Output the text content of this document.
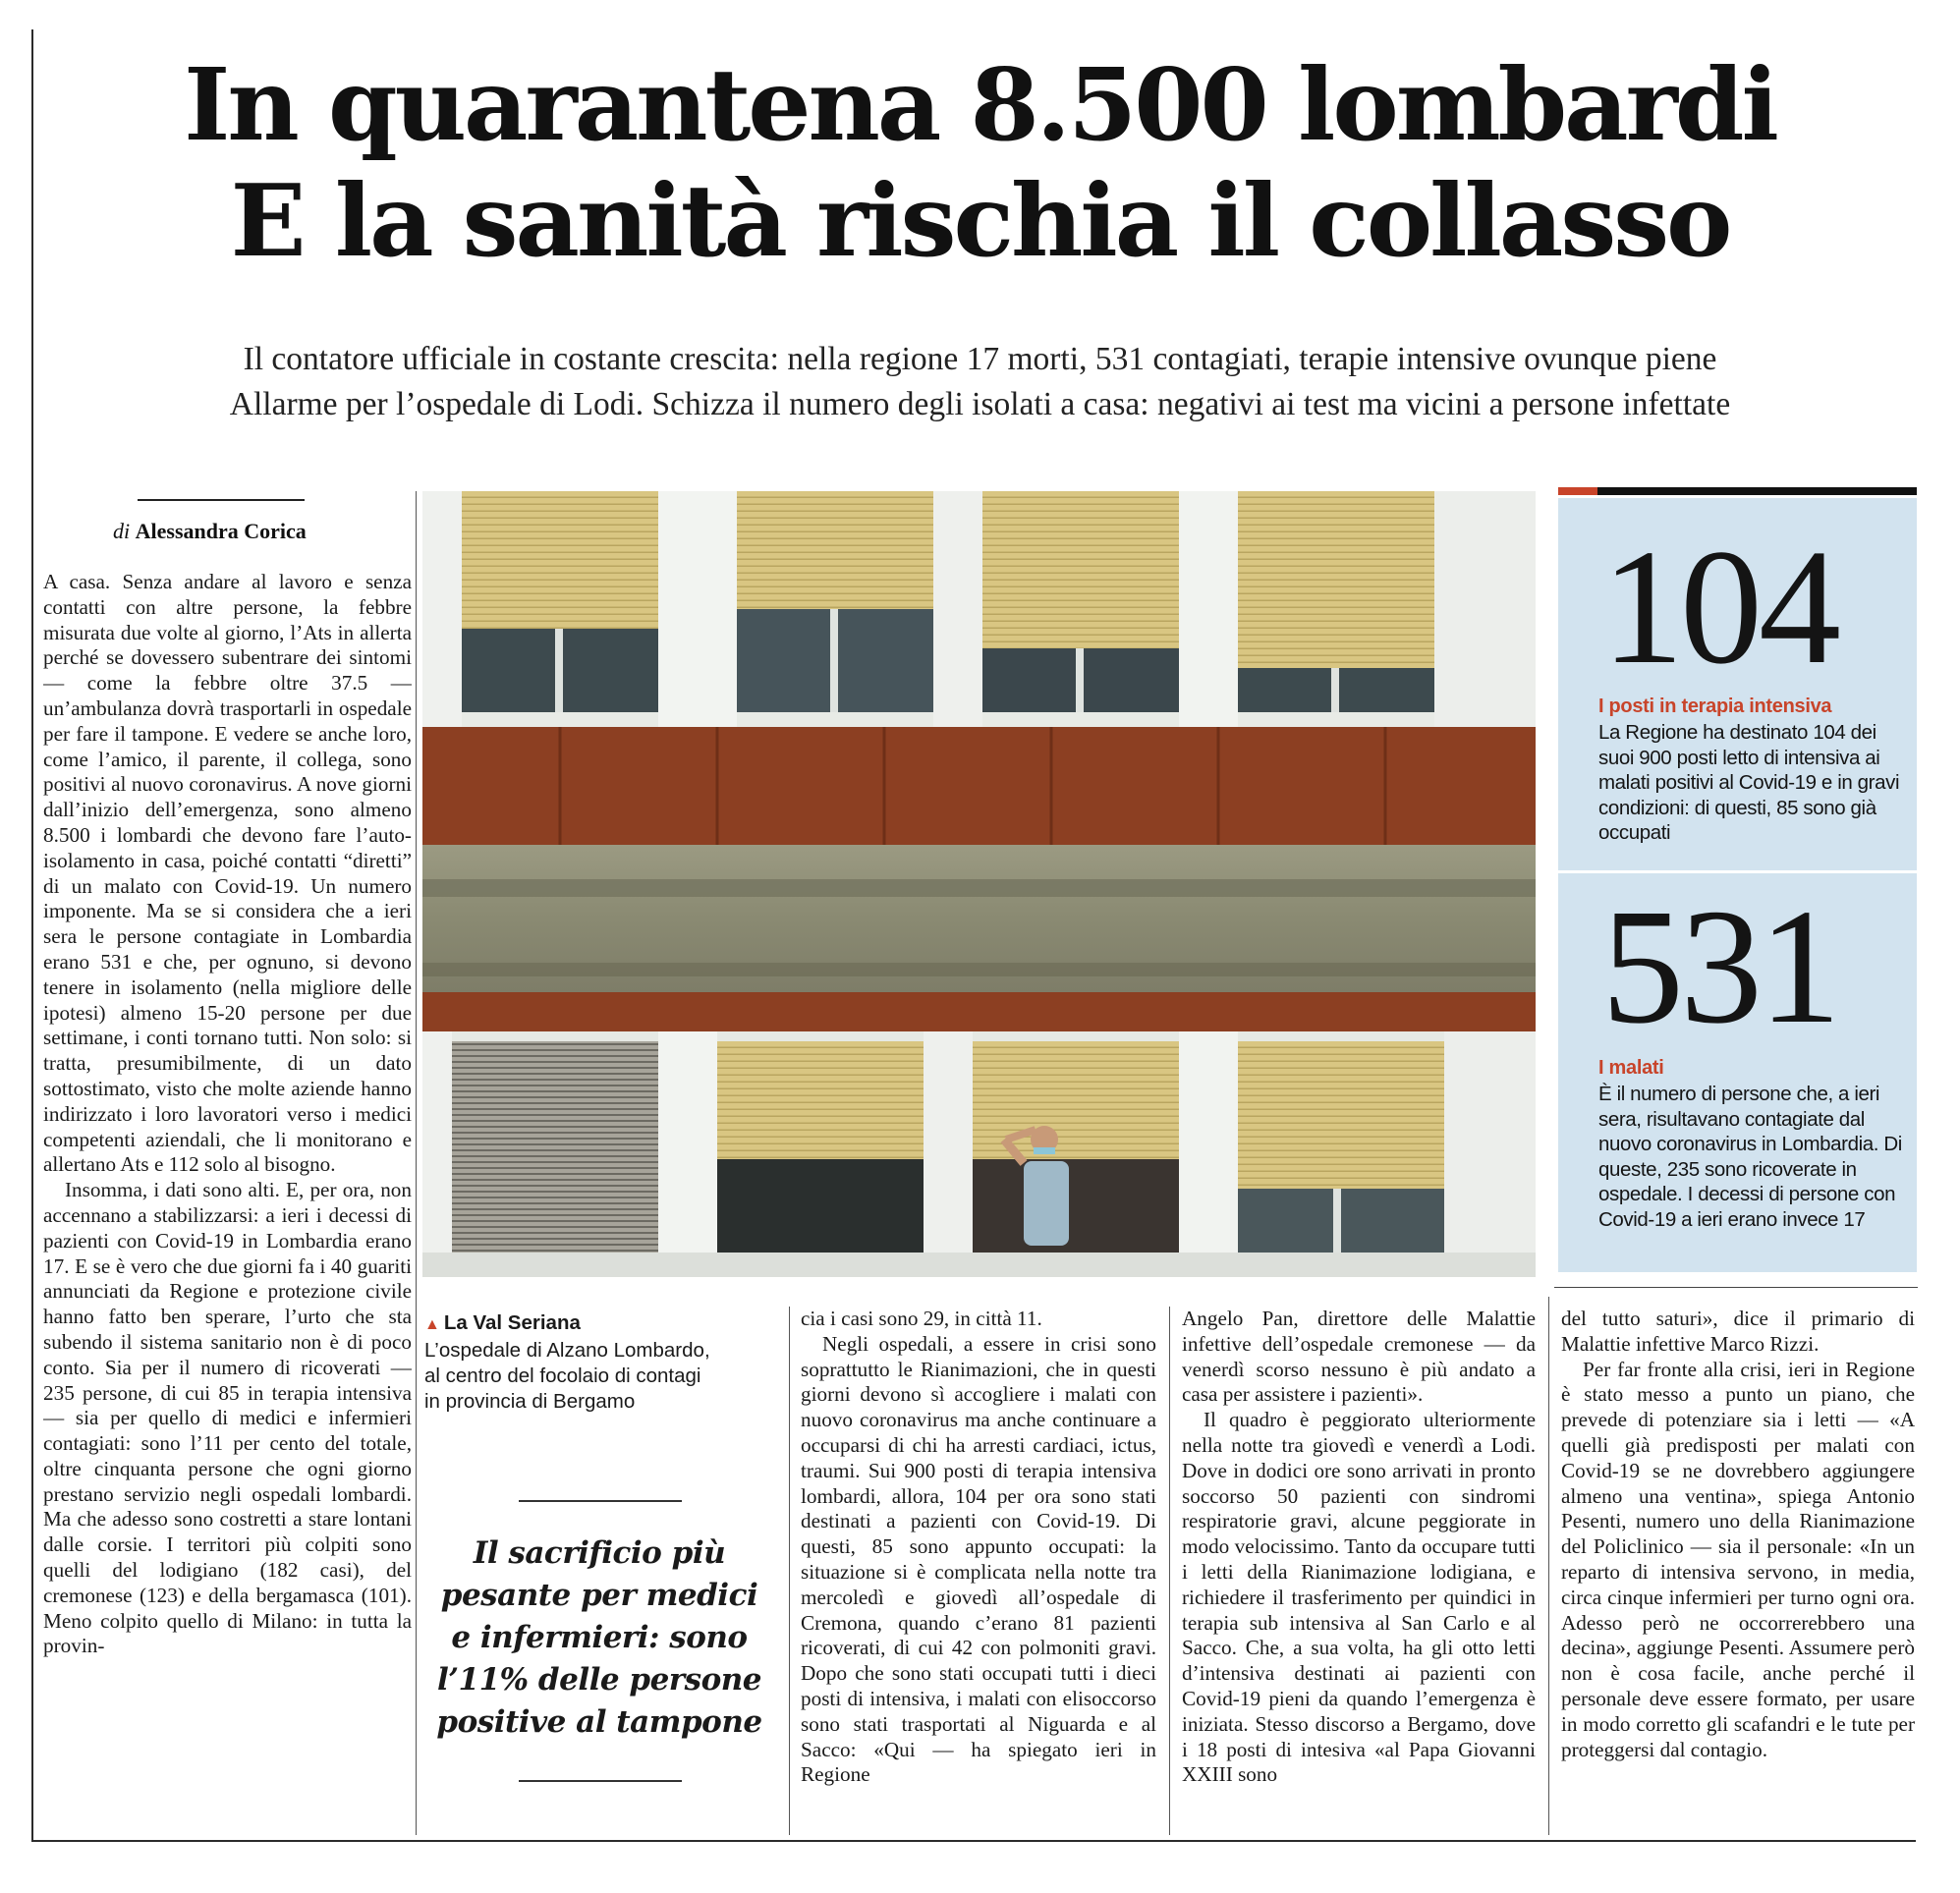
In quarantena 8.500 lombardi
E la sanità rischia il collasso
Il contatore ufficiale in costante crescita: nella regione 17 morti, 531 contagiati, terapie intensive ovunque piene
Allarme per l’ospedale di Lodi. Schizza il numero degli isolati a casa: negativi ai test ma vicini a persone infettate
di Alessandra Corica

A casa. Senza andare al lavoro e senza contatti con altre persone, la febbre misurata due volte al giorno, l’Ats in allerta perché se dovessero subentrare dei sintomi — come la febbre oltre 37.5 — un’ambulanza dovrà trasportarli in ospedale per fare il tampone. E vedere se anche loro, come l’amico, il parente, il collega, sono positivi al nuovo coronavirus. A nove giorni dall’inizio dell’emergenza, sono almeno 8.500 i lombardi che devono fare l’auto-isolamento in casa, poiché contatti “diretti” di un malato con Covid-19. Un numero imponente. Ma se si considera che a ieri sera le persone contagiate in Lombardia erano 531 e che, per ognuno, si devono tenere in isolamento (nella migliore delle ipotesi) almeno 15-20 persone per due settimane, i conti tornano tutti. Non solo: si tratta, presumibilmente, di un dato sottostimato, visto che molte aziende hanno indirizzato i loro lavoratori verso i medici competenti aziendali, che li monitorano e allertano Ats e 112 solo al bisogno.

Insomma, i dati sono alti. E, per ora, non accennano a stabilizzarsi: a ieri i decessi di pazienti con Covid-19 in Lombardia erano 17. E se è vero che due giorni fa i 40 guariti annunciati da Regione e protezione civile hanno fatto ben sperare, l’urto che sta subendo il sistema sanitario non è di poco conto. Sia per il numero di ricoverati — 235 persone, di cui 85 in terapia intensiva — sia per quello di medici e infermieri contagiati: sono l’11 per cento del totale, oltre cinquanta persone che ogni giorno prestano servizio negli ospedali lombardi. Ma che adesso sono costretti a stare lontani dalle corsie. I territori più colpiti sono quelli del lodigiano (182 casi), del cremonese (123) e della bergamasca (101). Meno colpito quello di Milano: in tutta la provin-

▲ La Val Seriana
L’ospedale di Alzano Lombardo, al centro del focolaio di contagi in provincia di Bergamo
Il sacrificio più pesante per medici e infermieri: sono l’11% delle persone positive al tampone

cia i casi sono 29, in città 11.

Negli ospedali, a essere in crisi sono soprattutto le Rianimazioni, che in questi giorni devono sì accogliere i malati con nuovo coronavirus ma anche continuare a occuparsi di chi ha arresti cardiaci, ictus, traumi. Sui 900 posti di terapia intensiva lombardi, allora, 104 per ora sono stati destinati a pazienti con Covid-19. Di questi, 85 sono appunto occupati: la situazione si è complicata nella notte tra mercoledì e giovedì all’ospedale di Cremona, quando c’erano 81 pazienti ricoverati, di cui 42 con polmoniti gravi. Dopo che sono stati occupati tutti i dieci posti di intensiva, i malati con elisoccorso sono stati trasportati al Niguarda e al Sacco: «Qui — ha spiegato ieri in Regione

Angelo Pan, direttore delle Malattie infettive dell’ospedale cremonese — da venerdì scorso nessuno è più andato a casa per assistere i pazienti».

Il quadro è peggiorato ulteriormente nella notte tra giovedì e venerdì a Lodi. Dove in dodici ore sono arrivati in pronto soccorso 50 pazienti con sindromi respiratorie gravi, alcune peggiorate in modo velocissimo. Tanto da occupare tutti i letti della Rianimazione lodigiana, e richiedere il trasferimento per quindici in terapia sub intensiva al San Carlo e al Sacco. Che, a sua volta, ha gli otto letti d’intensiva destinati ai pazienti con Covid-19 pieni da quando l’emergenza è iniziata. Stesso discorso a Bergamo, dove i 18 posti di intesiva «al Papa Giovanni XXIII sono

del tutto saturi», dice il primario di Malattie infettive Marco Rizzi.

Per far fronte alla crisi, ieri in Regione è stato messo a punto un piano, che prevede di potenziare sia i letti — «A quelli già predisposti per malati con Covid-19 se ne dovrebbero aggiungere almeno una ventina», spiega Antonio Pesenti, numero uno della Rianimazione del Policlinico — sia il personale: «In un reparto di intensiva servono, in media, circa cinque infermieri per turno ogni ora. Adesso però ne occorrerebbero una decina», aggiunge Pesenti. Assumere però non è cosa facile, anche perché il personale deve essere formato, per usare in modo corretto gli scafandri e le tute per proteggersi dal contagio.

104
I posti in terapia intensiva
La Regione ha destinato 104 dei suoi 900 posti letto di intensiva ai malati positivi al Covid-19 e in gravi condizioni: di questi, 85 sono già occupati
531
I malati
È il numero di persone che, a ieri sera, risultavano contagiate dal nuovo coronavirus in Lombardia. Di queste, 235 sono ricoverate in ospedale. I decessi di persone con Covid-19 a ieri erano invece 17
